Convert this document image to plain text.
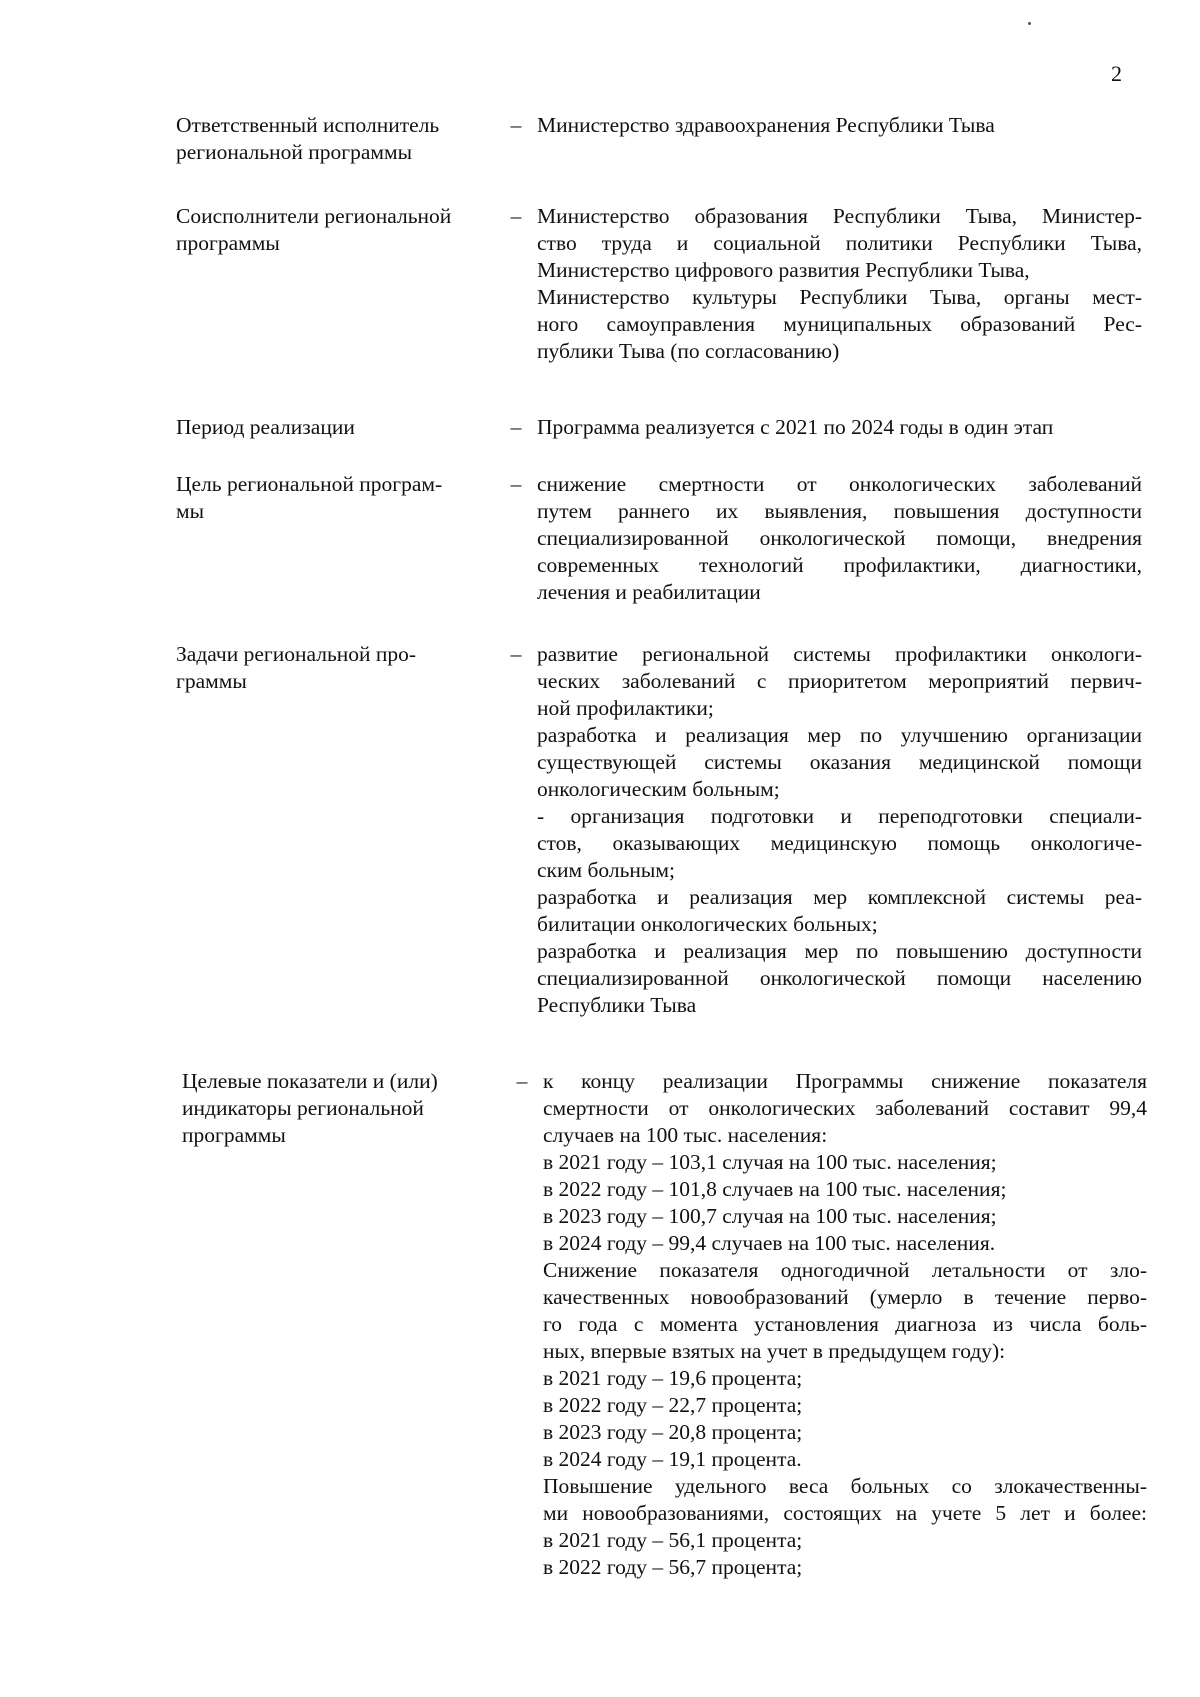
2
Ответственный исполнитель
региональной программы
– Министерство здравоохранения Республики Тыва
Соисполнители региональной
программы
– Министерство образования Республики Тыва, Министер-
ство труда и социальной политики Республики Тыва,
Министерство цифрового развития Республики Тыва,
Министерство культуры Республики Тыва, органы мест-
ного самоуправления муниципальных образований Рес-
публики Тыва (по согласованию)
Период реализации	– Программа реализуется с 2021 по 2024 годы в один этап
Цель региональной програм-
мы
– снижение смертности от онкологических заболеваний
путем раннего их выявления, повышения доступности
специализированной онкологической помощи, внедрения
современных технологий профилактики, диагностики,
лечения и реабилитации
Задачи региональной про-
граммы
– развитие региональной системы профилактики онкологи-
ческих заболеваний с приоритетом мероприятий первич-
ной профилактики;
разработка и реализация мер по улучшению организации
существующей системы оказания медицинской помощи
онкологическим больным;
- организация подготовки и переподготовки специали-
стов, оказывающих медицинскую помощь онкологиче-
ским больным;
разработка и реализация мер комплексной системы реа-
билитации онкологических больных;
разработка и реализация мер по повышению доступности
специализированной онкологической помощи населению
Республики Тыва
Целевые показатели и (или)
индикаторы региональной
программы
– к концу реализации Программы снижение показателя
смертности от онкологических заболеваний составит 99,4
случаев на 100 тыс. населения:
в 2021 году – 103,1 случая на 100 тыс. населения;
в 2022 году – 101,8 случаев на 100 тыс. населения;
в 2023 году – 100,7 случая на 100 тыс. населения;
в 2024 году – 99,4 случаев на 100 тыс. населения.
Снижение показателя одногодичной летальности от зло-
качественных новообразований (умерло в течение перво-
го года с момента установления диагноза из числа боль-
ных, впервые взятых на учет в предыдущем году):
в 2021 году – 19,6 процента;
в 2022 году – 22,7 процента;
в 2023 году – 20,8 процента;
в 2024 году – 19,1 процента.
Повышение удельного веса больных со злокачественны-
ми новообразованиями, состоящих на учете 5 лет и более:
в 2021 году – 56,1 процента;
в 2022 году – 56,7 процента;
